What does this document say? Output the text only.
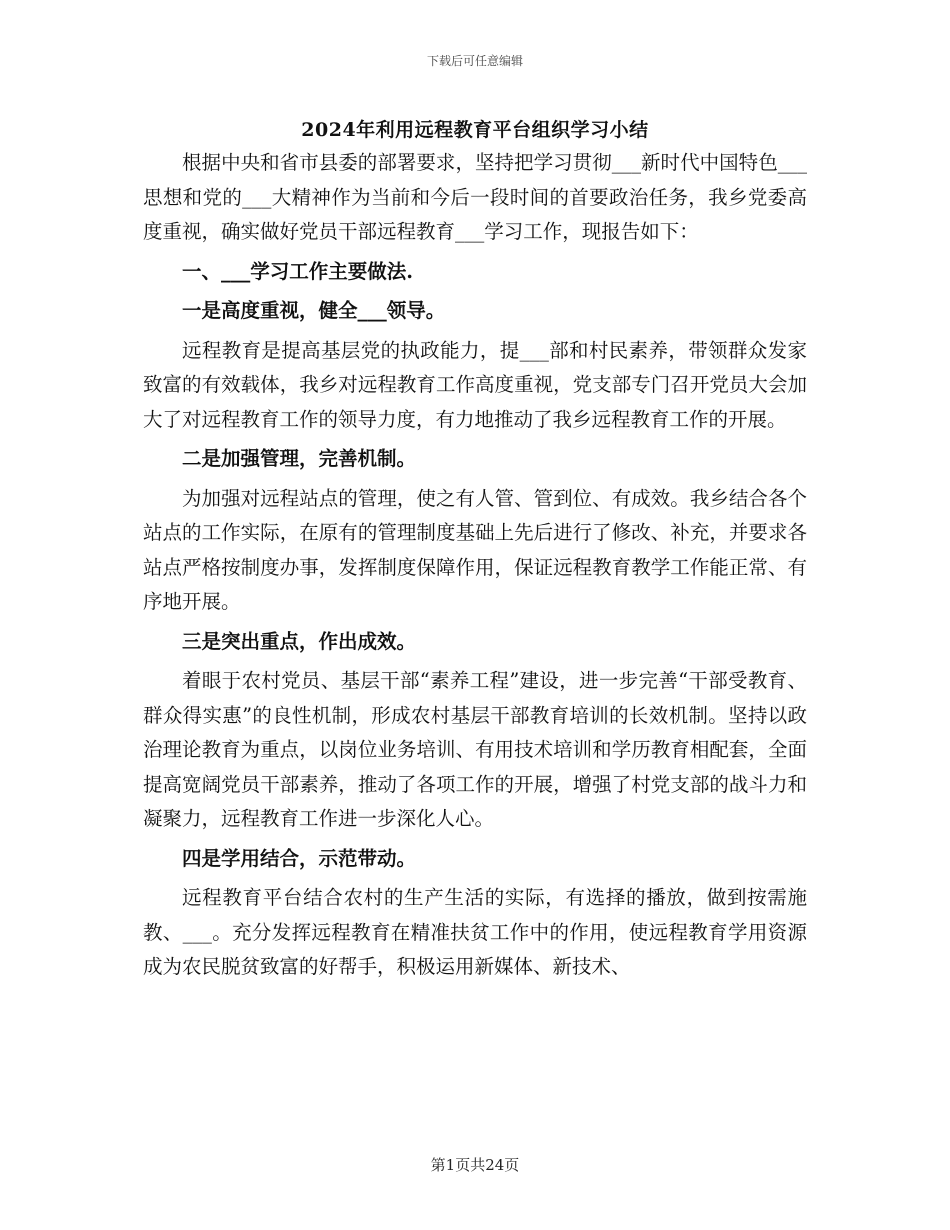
下载后可任意编辑
2024年利用远程教育平台组织学习小结

根据中央和省市县委的部署要求，坚持把学习贯彻___新时代中国特色___思想和党的___大精神作为当前和今后一段时间的首要政治任务，我乡党委高度重视，确实做好党员干部远程教育___学习工作，现报告如下：

一、___学习工作主要做法.

一是高度重视，健全___领导。

远程教育是提高基层党的执政能力，提___部和村民素养，带领群众发家致富的有效载体，我乡对远程教育工作高度重视，党支部专门召开党员大会加大了对远程教育工作的领导力度，有力地推动了我乡远程教育工作的开展。

二是加强管理，完善机制。

为加强对远程站点的管理，使之有人管、管到位、有成效。我乡结合各个站点的工作实际，在原有的管理制度基础上先后进行了修改、补充，并要求各站点严格按制度办事，发挥制度保障作用，保证远程教育教学工作能正常、有序地开展。

三是突出重点，作出成效。

着眼于农村党员、基层干部“素养工程”建设，进一步完善“干部受教育、群众得实惠”的良性机制，形成农村基层干部教育培训的长效机制。坚持以政治理论教育为重点，以岗位业务培训、有用技术培训和学历教育相配套，全面提高宽阔党员干部素养，推动了各项工作的开展，增强了村党支部的战斗力和凝聚力，远程教育工作进一步深化人心。

四是学用结合，示范带动。

远程教育平台结合农村的生产生活的实际，有选择的播放，做到按需施教、___。充分发挥远程教育在精准扶贫工作中的作用，使远程教育学用资源成为农民脱贫致富的好帮手，积极运用新媒体、新技术、

第1页共24页
